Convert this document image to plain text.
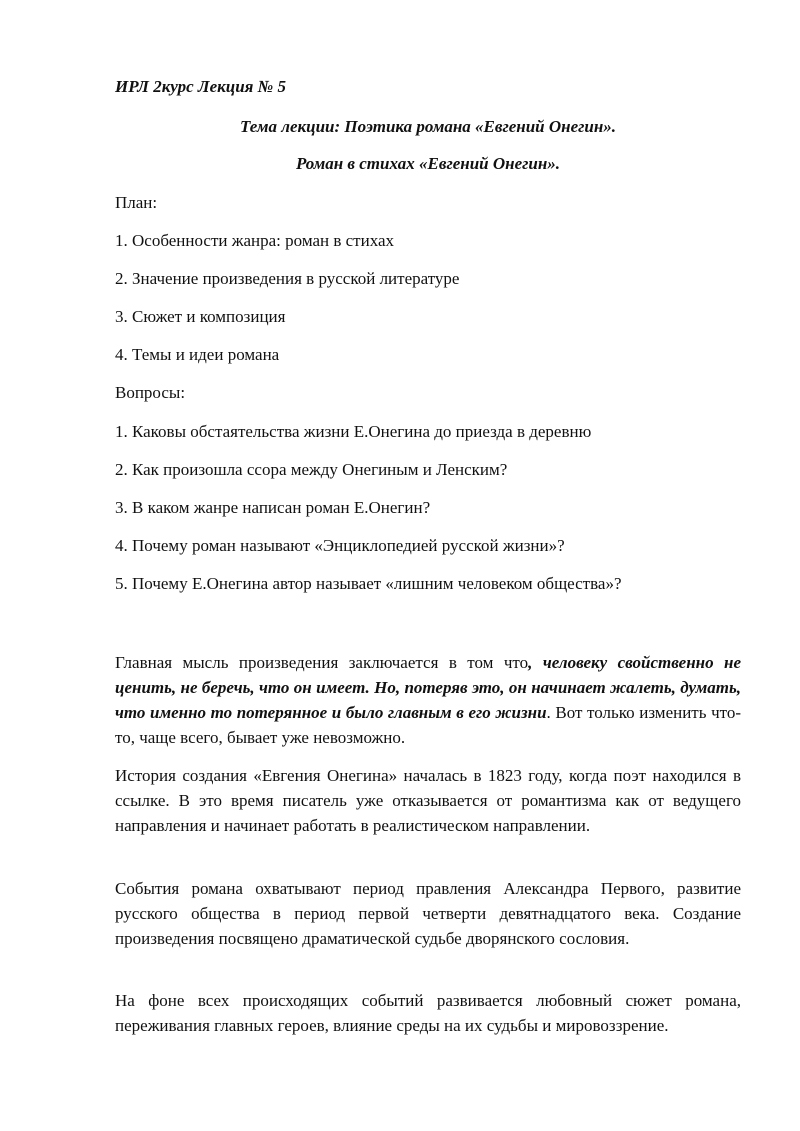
ИРЛ 2курс Лекция № 5

Тема лекции: Поэтика романа «Евгений Онегин».

Роман в стихах «Евгений Онегин».

План:

1. Особенности жанра: роман в стихах

2. Значение произведения в русской литературе

3. Сюжет и композиция

4. Темы и идеи романа

Вопросы:

1. Каковы обстаятельства жизни Е.Онегина до приезда в деревню

2. Как произошла ссора между Онегиным и Ленским?

3. В каком жанре написан роман Е.Онегин?

4. Почему роман называют «Энциклопедией русской жизни»?

5. Почему Е.Онегина автор называет «лишним человеком общества»?

Главная мысль произведения заключается в том что, человеку свойственно не ценить, не беречь, что он имеет. Но, потеряв это, он начинает жалеть, думать, что именно то потерянное и было главным в его жизни. Вот только изменить что-то, чаще всего, бывает уже невозможно.

История создания «Евгения Онегина» началась в 1823 году, когда поэт находился в ссылке. В это время писатель уже отказывается от романтизма как от ведущего направления и начинает работать в реалистическом направлении.

События романа охватывают период правления Александра Первого, развитие русского общества в период первой четверти девятнадцатого века. Создание произведения посвящено драматической судьбе дворянского сословия.

На фоне всех происходящих событий развивается любовный сюжет романа, переживания главных героев, влияние среды на их судьбы и мировоззрение.
